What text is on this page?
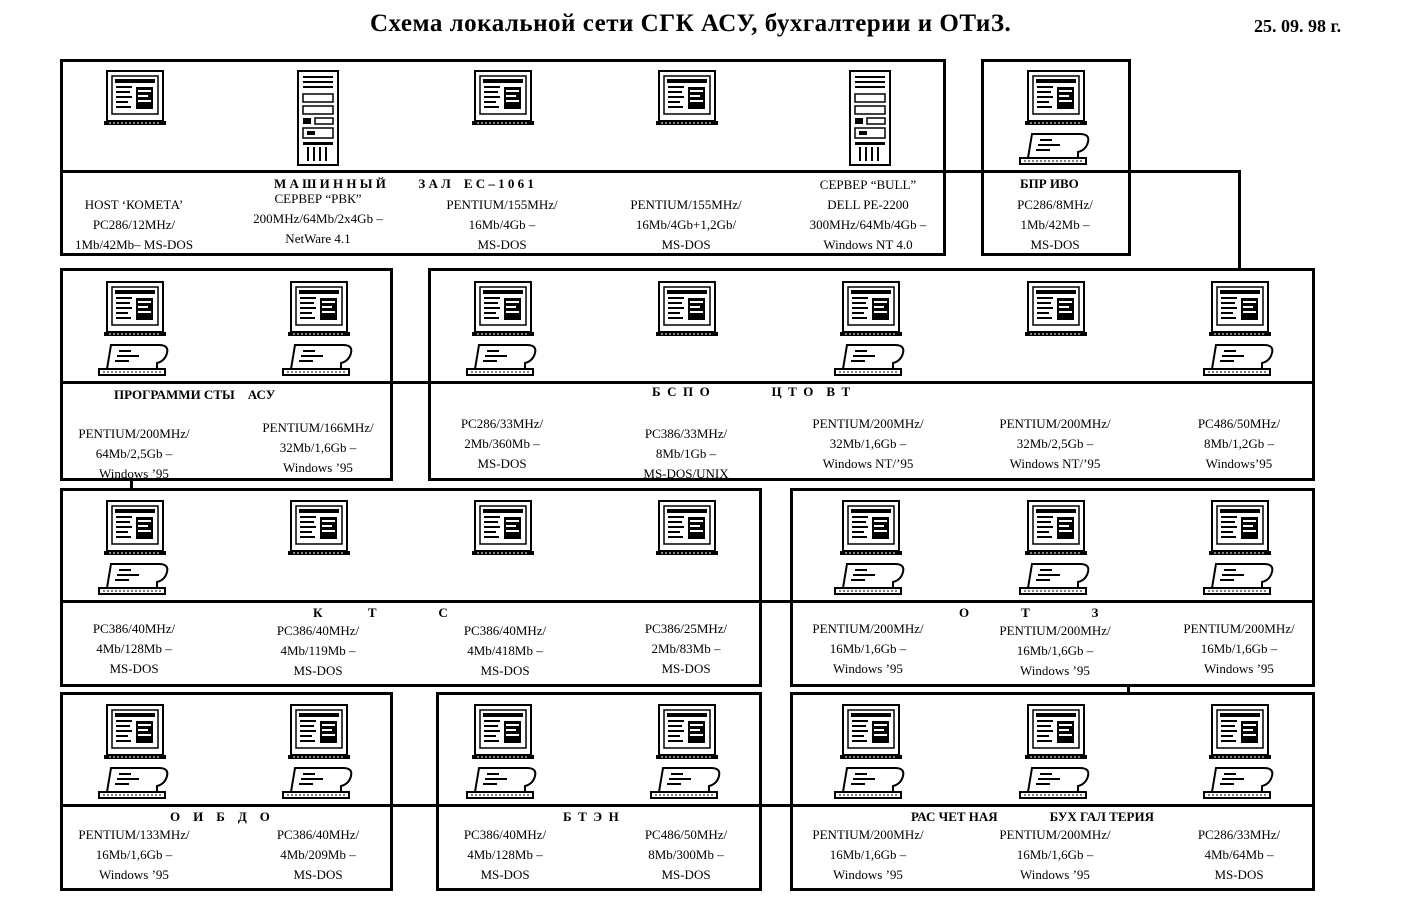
Схема локальной сети СГК АСУ, бухгалтерии и ОТиЗ.	25. 09. 98 г.
М А Ш И Н Н Ы Й          З А Л    Е С – 1 0 6 1	БПР ИВО
ПРОГРАММИ СТЫ    АСУ	Б  С  П  О                   Ц  Т  О    В  Т
К              Т                   С	О                Т                   З
О    И    Б    Д    О	Б  Т  Э  Н	РАС ЧЕТ НАЯ                БУХ ГАЛ ТЕРИЯ
HOST ‘КОМЕТА’
PC286/12MHz/
1Mb/42Mb– MS-DOS
СЕРВЕР “РВК”
200MHz/64Mb/2x4Gb –
NetWare 4.1
PENTIUM/155MHz/
16Mb/4Gb –
MS-DOS
PENTIUM/155MHz/
16Mb/4Gb+1,2Gb/
MS-DOS
СЕРВЕР “BULL”
DELL PE-2200
300MHz/64Mb/4Gb –
Windows NT 4.0
PC286/8MHz/
1Mb/42Mb –
MS-DOS
PENTIUM/200MHz/
64Mb/2,5Gb –
Windows ’95
PENTIUM/166MHz/
32Mb/1,6Gb –
Windows ’95
PC286/33MHz/
2Mb/360Mb –
MS-DOS
PC386/33MHz/
8Mb/1Gb –
MS-DOS/UNIX
PENTIUM/200MHz/
32Mb/1,6Gb –
Windows NT/’95
PENTIUM/200MHz/
32Mb/2,5Gb –
Windows NT/’95
PC486/50MHz/
8Mb/1,2Gb –
Windows’95
PC386/40MHz/
4Mb/128Mb –
MS-DOS
PC386/40MHz/
4Mb/119Mb –
MS-DOS
PC386/40MHz/
4Mb/418Mb –
MS-DOS
PC386/25MHz/
2Mb/83Mb –
MS-DOS
PENTIUM/200MHz/
16Mb/1,6Gb –
Windows ’95
PENTIUM/200MHz/
16Mb/1,6Gb –
Windows ’95
PENTIUM/200MHz/
16Mb/1,6Gb –
Windows ’95
PENTIUM/133MHz/
16Mb/1,6Gb –
Windows ’95
PC386/40MHz/
4Mb/209Mb –
MS-DOS
PC386/40MHz/
4Mb/128Mb –
MS-DOS
PC486/50MHz/
8Mb/300Mb –
MS-DOS
PENTIUM/200MHz/
16Mb/1,6Gb –
Windows ’95
PENTIUM/200MHz/
16Mb/1,6Gb –
Windows ’95
PC286/33MHz/
4Mb/64Mb –
MS-DOS
